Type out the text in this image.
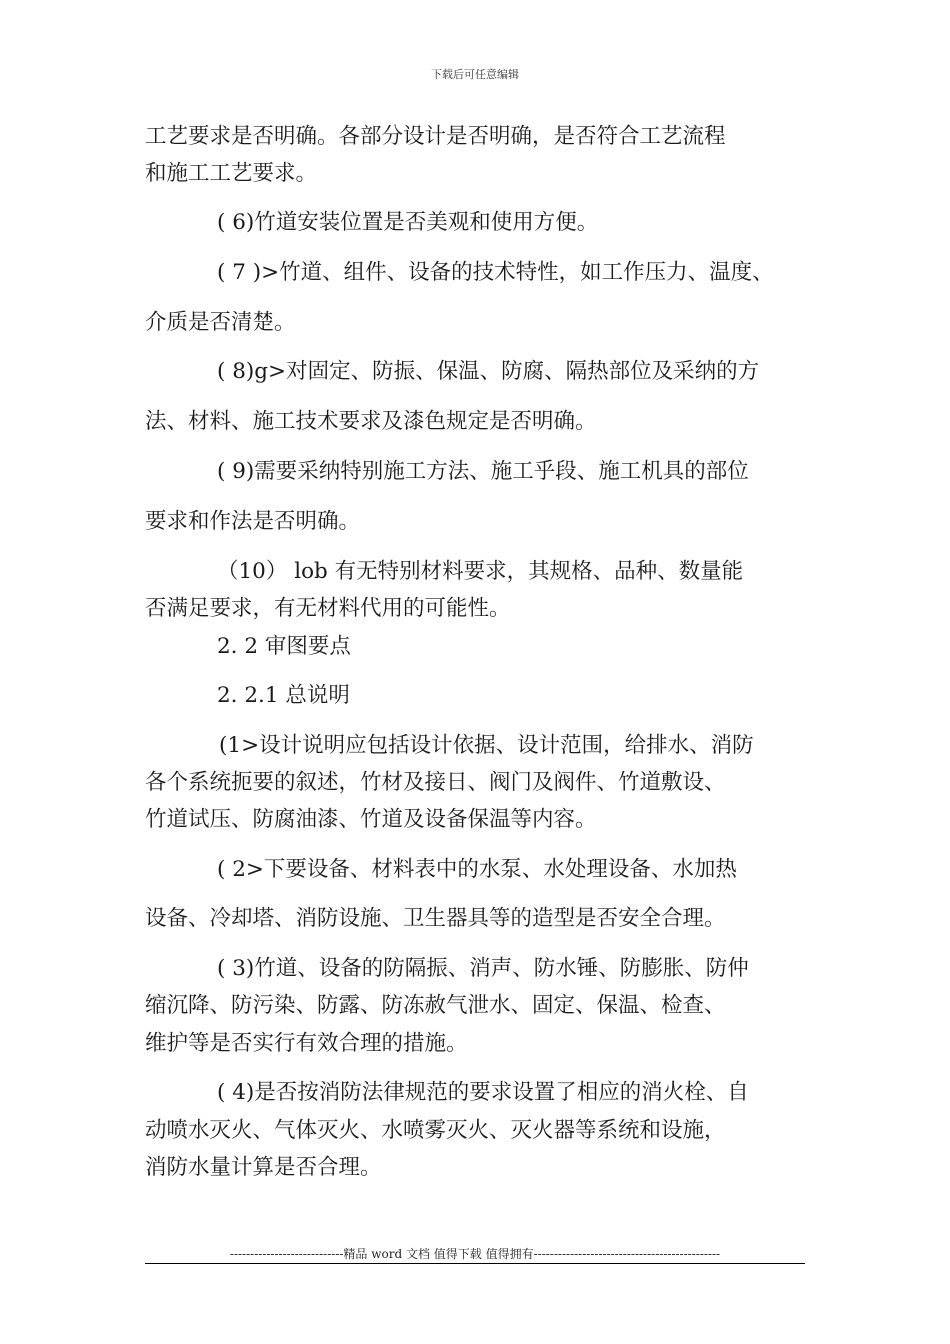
下载后可任意编辑
工艺要求是否明确。各部分设计是否明确，是否符合工艺流程
和施工工艺要求。
( 6)竹道安装位置是否美观和使用方便。
( 7 )>竹道、组件、设备的技术特性，如工作压力、温度、
介质是否清楚。
( 8)g>对固定、防振、保温、防腐、隔热部位及采纳的方
法、材料、施工技术要求及漆色规定是否明确。
( 9)需要采纳特别施工方法、施工乎段、施工机具的部位
要求和作法是否明确。
（10） lob 有无特别材料要求，其规格、品种、数量能
否满足要求，有无材料代用的可能性。
2. 2 审图要点
2. 2.1 总说明
(1>设计说明应包括设计依据、设计范围，给排水、消防
各个系统扼要的叙述，竹材及接日、阀门及阀件、竹道敷设、
竹道试压、防腐油漆、竹道及设备保温等内容。
( 2>下要设备、材料表中的水泵、水处理设备、水加热
设备、冷却塔、消防设施、卫生器具等的造型是否安全合理。
( 3)竹道、设备的防隔振、消声、防水锤、防膨胀、防仲
缩沉降、防污染、防露、防冻赦气泄水、固定、保温、检查、
维护等是否实行有效合理的措施。
( 4)是否按消防法律规范的要求设置了相应的消火栓、自
动喷水灭火、气体灭火、水喷雾灭火、灭火器等系统和设施，
消防水量计算是否合理。
----------------------------精品 word 文档 值得下载 值得拥有----------------------------------------------
